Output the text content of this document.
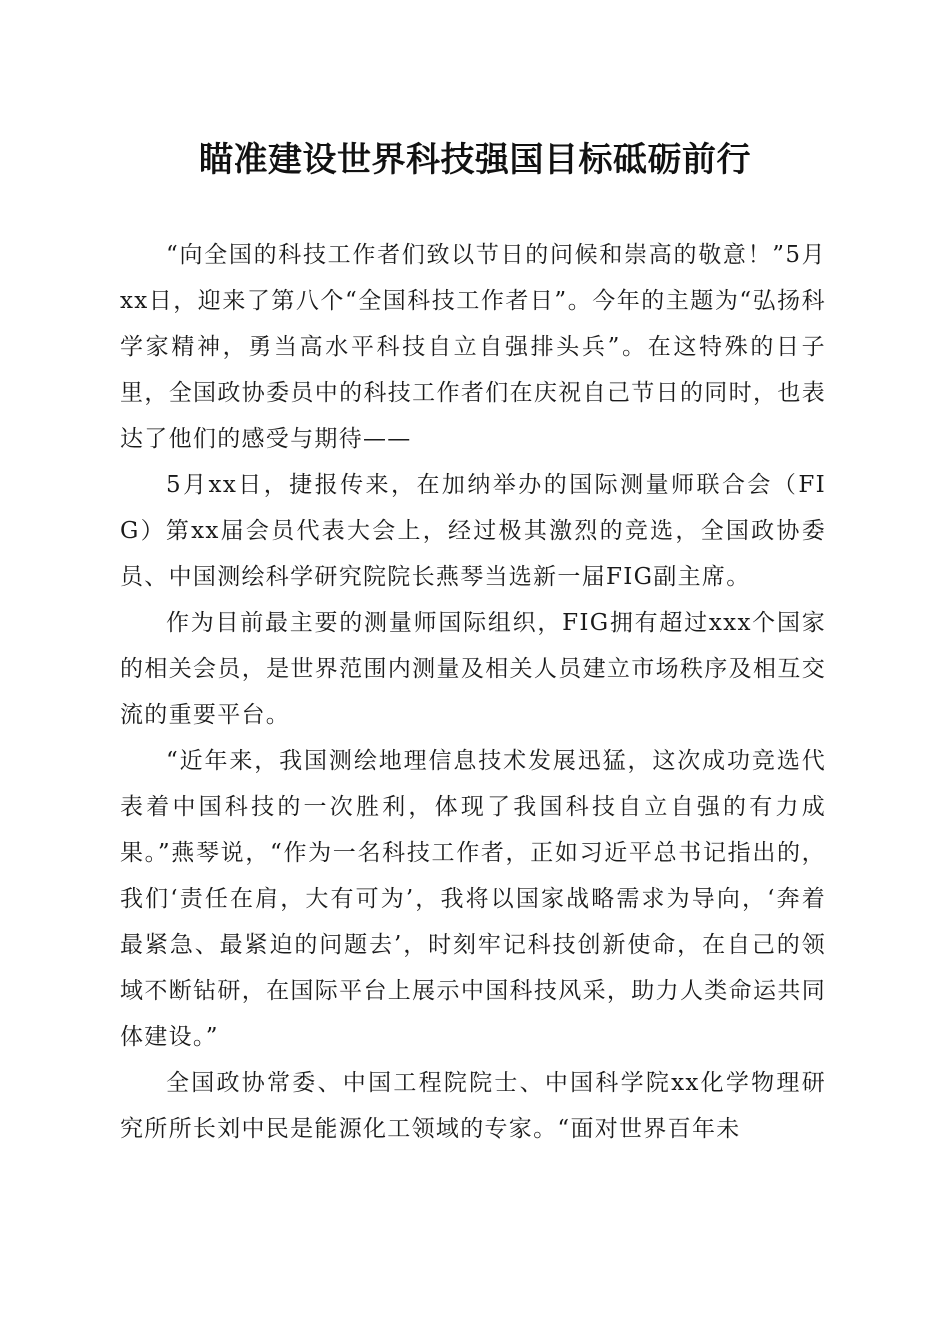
瞄准建设世界科技强国目标砥砺前行

“向全国的科技工作者们致以节日的问候和崇高的敬意！”5月xx日，迎来了第八个“全国科技工作者日”。今年的主题为“弘扬科学家精神，勇当高水平科技自立自强排头兵”。在这特殊的日子里，全国政协委员中的科技工作者们在庆祝自己节日的同时，也表达了他们的感受与期待——

5月xx日，捷报传来，在加纳举办的国际测量师联合会（FIG）第xx届会员代表大会上，经过极其激烈的竞选，全国政协委员、中国测绘科学研究院院长燕琴当选新一届FIG副主席。

作为目前最主要的测量师国际组织，FIG拥有超过xxx个国家的相关会员，是世界范围内测量及相关人员建立市场秩序及相互交流的重要平台。

“近年来，我国测绘地理信息技术发展迅猛，这次成功竞选代表着中国科技的一次胜利，体现了我国科技自立自强的有力成果。”燕琴说，“作为一名科技工作者，正如习近平总书记指出的，我们‘责任在肩，大有可为’，我将以国家战略需求为导向，‘奔着最紧急、最紧迫的问题去’，时刻牢记科技创新使命，在自己的领域不断钻研，在国际平台上展示中国科技风采，助力人类命运共同体建设。”

全国政协常委、中国工程院院士、中国科学院xx化学物理研究所所长刘中民是能源化工领域的专家。“面对世界百年未
